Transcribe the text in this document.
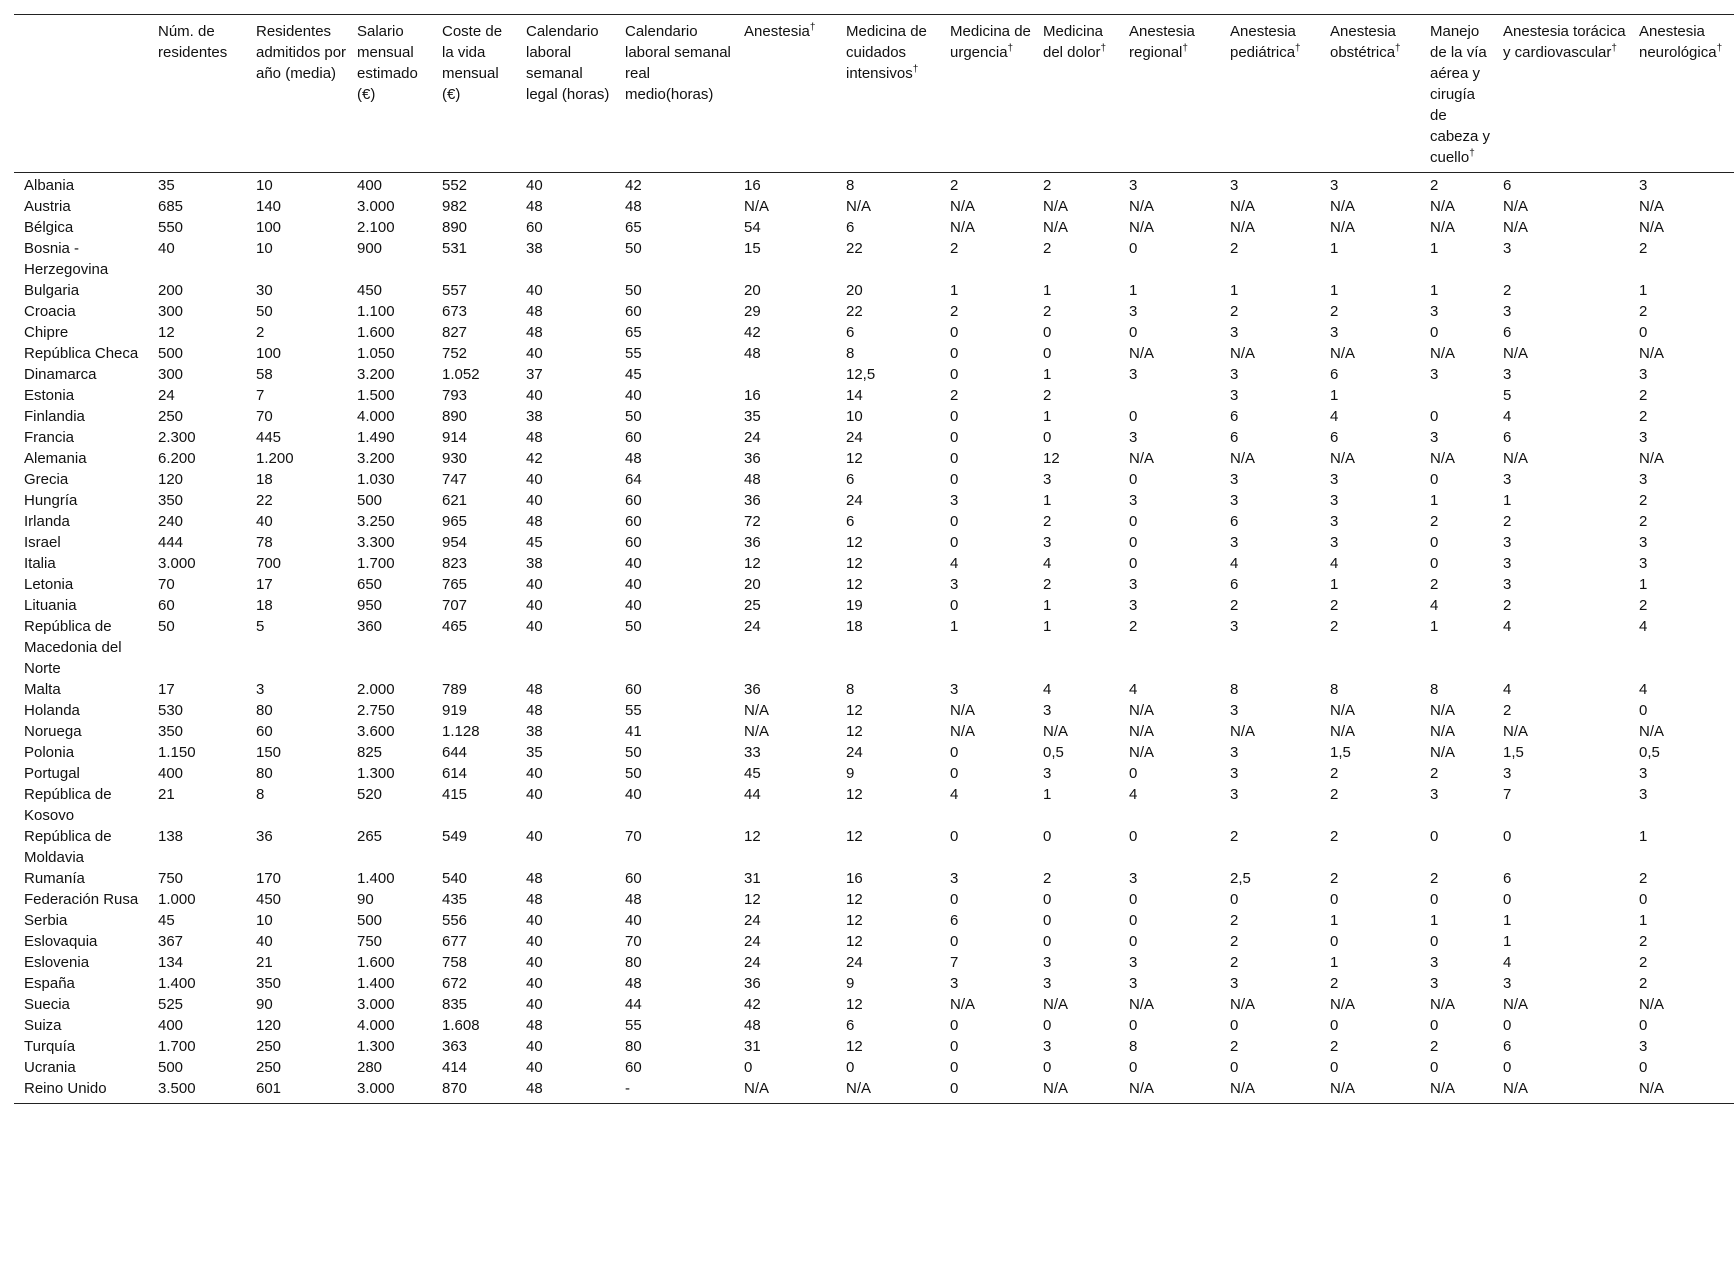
	Núm. de residentes	Residentes admitidos por año (media)	Salario mensual estimado (€)	Coste de la vida mensual (€)	Calendario laboral semanal legal (horas)	Calendario laboral semanal real medio(horas)	Anestesia†	Medicina de cuidados intensivos†	Medicina de urgencia†	Medicina del dolor†	Anestesia regional†	Anestesia pediátrica†	Anestesia obstétrica†	Manejo de la vía aérea y cirugía de cabeza y cuello†	Anestesia torácica y cardiovascular†	Anestesia neurológica†
Albania	35	10	400	552	40	42	16	8	2	2	3	3	3	2	6	3
Austria	685	140	3.000	982	48	48	N/A	N/A	N/A	N/A	N/A	N/A	N/A	N/A	N/A	N/A
Bélgica	550	100	2.100	890	60	65	54	6	N/A	N/A	N/A	N/A	N/A	N/A	N/A	N/A
Bosnia - Herzegovina	40	10	900	531	38	50	15	22	2	2	0	2	1	1	3	2
Bulgaria	200	30	450	557	40	50	20	20	1	1	1	1	1	1	2	1
Croacia	300	50	1.100	673	48	60	29	22	2	2	3	2	2	3	3	2
Chipre	12	2	1.600	827	48	65	42	6	0	0	0	3	3	0	6	0
República Checa	500	100	1.050	752	40	55	48	8	0	0	N/A	N/A	N/A	N/A	N/A	N/A
Dinamarca	300	58	3.200	1.052	37	45		12,5	0	1	3	3	6	3	3	3
Estonia	24	7	1.500	793	40	40	16	14	2	2		3	1		5	2
Finlandia	250	70	4.000	890	38	50	35	10	0	1	0	6	4	0	4	2
Francia	2.300	445	1.490	914	48	60	24	24	0	0	3	6	6	3	6	3
Alemania	6.200	1.200	3.200	930	42	48	36	12	0	12	N/A	N/A	N/A	N/A	N/A	N/A
Grecia	120	18	1.030	747	40	64	48	6	0	3	0	3	3	0	3	3
Hungría	350	22	500	621	40	60	36	24	3	1	3	3	3	1	1	2
Irlanda	240	40	3.250	965	48	60	72	6	0	2	0	6	3	2	2	2
Israel	444	78	3.300	954	45	60	36	12	0	3	0	3	3	0	3	3
Italia	3.000	700	1.700	823	38	40	12	12	4	4	0	4	4	0	3	3
Letonia	70	17	650	765	40	40	20	12	3	2	3	6	1	2	3	1
Lituania	60	18	950	707	40	40	25	19	0	1	3	2	2	4	2	2
República de Macedonia del Norte	50	5	360	465	40	50	24	18	1	1	2	3	2	1	4	4
Malta	17	3	2.000	789	48	60	36	8	3	4	4	8	8	8	4	4
Holanda	530	80	2.750	919	48	55	N/A	12	N/A	3	N/A	3	N/A	N/A	2	0
Noruega	350	60	3.600	1.128	38	41	N/A	12	N/A	N/A	N/A	N/A	N/A	N/A	N/A	N/A
Polonia	1.150	150	825	644	35	50	33	24	0	0,5	N/A	3	1,5	N/A	1,5	0,5
Portugal	400	80	1.300	614	40	50	45	9	0	3	0	3	2	2	3	3
República de Kosovo	21	8	520	415	40	40	44	12	4	1	4	3	2	3	7	3
República de Moldavia	138	36	265	549	40	70	12	12	0	0	0	2	2	0	0	1
Rumanía	750	170	1.400	540	48	60	31	16	3	2	3	2,5	2	2	6	2
Federación Rusa	1.000	450	90	435	48	48	12	12	0	0	0	0	0	0	0	0
Serbia	45	10	500	556	40	40	24	12	6	0	0	2	1	1	1	1
Eslovaquia	367	40	750	677	40	70	24	12	0	0	0	2	0	0	1	2
Eslovenia	134	21	1.600	758	40	80	24	24	7	3	3	2	1	3	4	2
España	1.400	350	1.400	672	40	48	36	9	3	3	3	3	2	3	3	2
Suecia	525	90	3.000	835	40	44	42	12	N/A	N/A	N/A	N/A	N/A	N/A	N/A	N/A
Suiza	400	120	4.000	1.608	48	55	48	6	0	0	0	0	0	0	0	0
Turquía	1.700	250	1.300	363	40	80	31	12	0	3	8	2	2	2	6	3
Ucrania	500	250	280	414	40	60	0	0	0	0	0	0	0	0	0	0
Reino Unido	3.500	601	3.000	870	48	-	N/A	N/A	0	N/A	N/A	N/A	N/A	N/A	N/A	N/A
